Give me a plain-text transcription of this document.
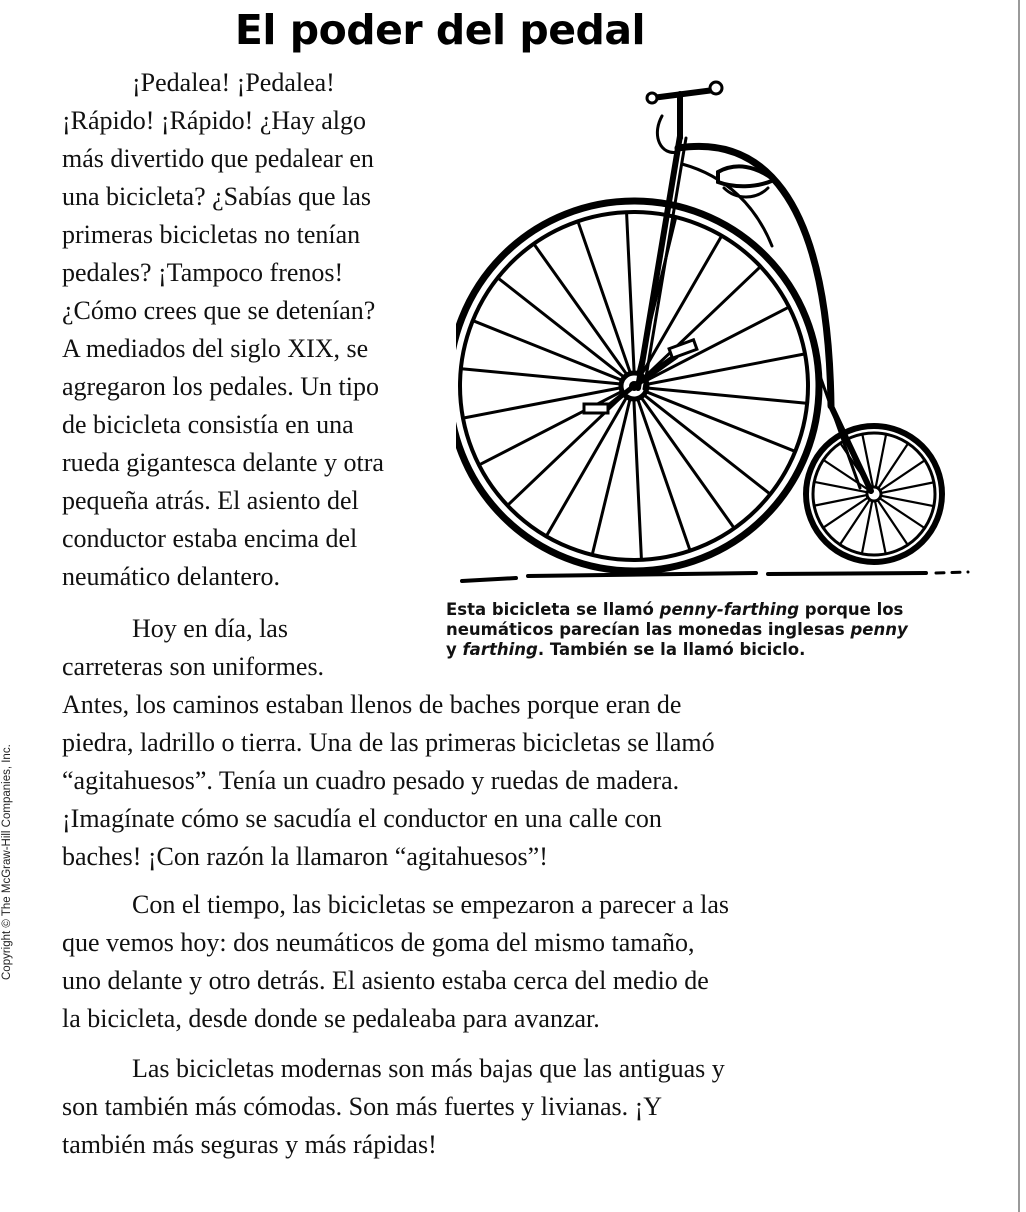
El poder del pedal
¡Pedalea! ¡Pedalea!
¡Rápido! ¡Rápido! ¿Hay algo
más divertido que pedalear en
una bicicleta? ¿Sabías que las
primeras bicicletas no tenían
pedales? ¡Tampoco frenos!
¿Cómo crees que se detenían?
A mediados del siglo XIX, se
agregaron los pedales. Un tipo
de bicicleta consistía en una
rueda gigantesca delante y otra
pequeña atrás. El asiento del
conductor estaba encima del
neumático delantero.
Esta bicicleta se llamó penny-farthing porque los
neumáticos parecían las monedas inglesas penny
y farthing. También se la llamó biciclo.
Hoy en día, las
carreteras son uniformes.
Antes, los caminos estaban llenos de baches porque eran de
piedra, ladrillo o tierra. Una de las primeras bicicletas se llamó
“agitahuesos”. Tenía un cuadro pesado y ruedas de madera.
¡Imagínate cómo se sacudía el conductor en una calle con
baches! ¡Con razón la llamaron “agitahuesos”!
Con el tiempo, las bicicletas se empezaron a parecer a las
que vemos hoy: dos neumáticos de goma del mismo tamaño,
uno delante y otro detrás. El asiento estaba cerca del medio de
la bicicleta, desde donde se pedaleaba para avanzar.
Las bicicletas modernas son más bajas que las antiguas y
son también más cómodas. Son más fuertes y livianas. ¡Y
también más seguras y más rápidas!
Copyright © The McGraw-Hill Companies, Inc.
